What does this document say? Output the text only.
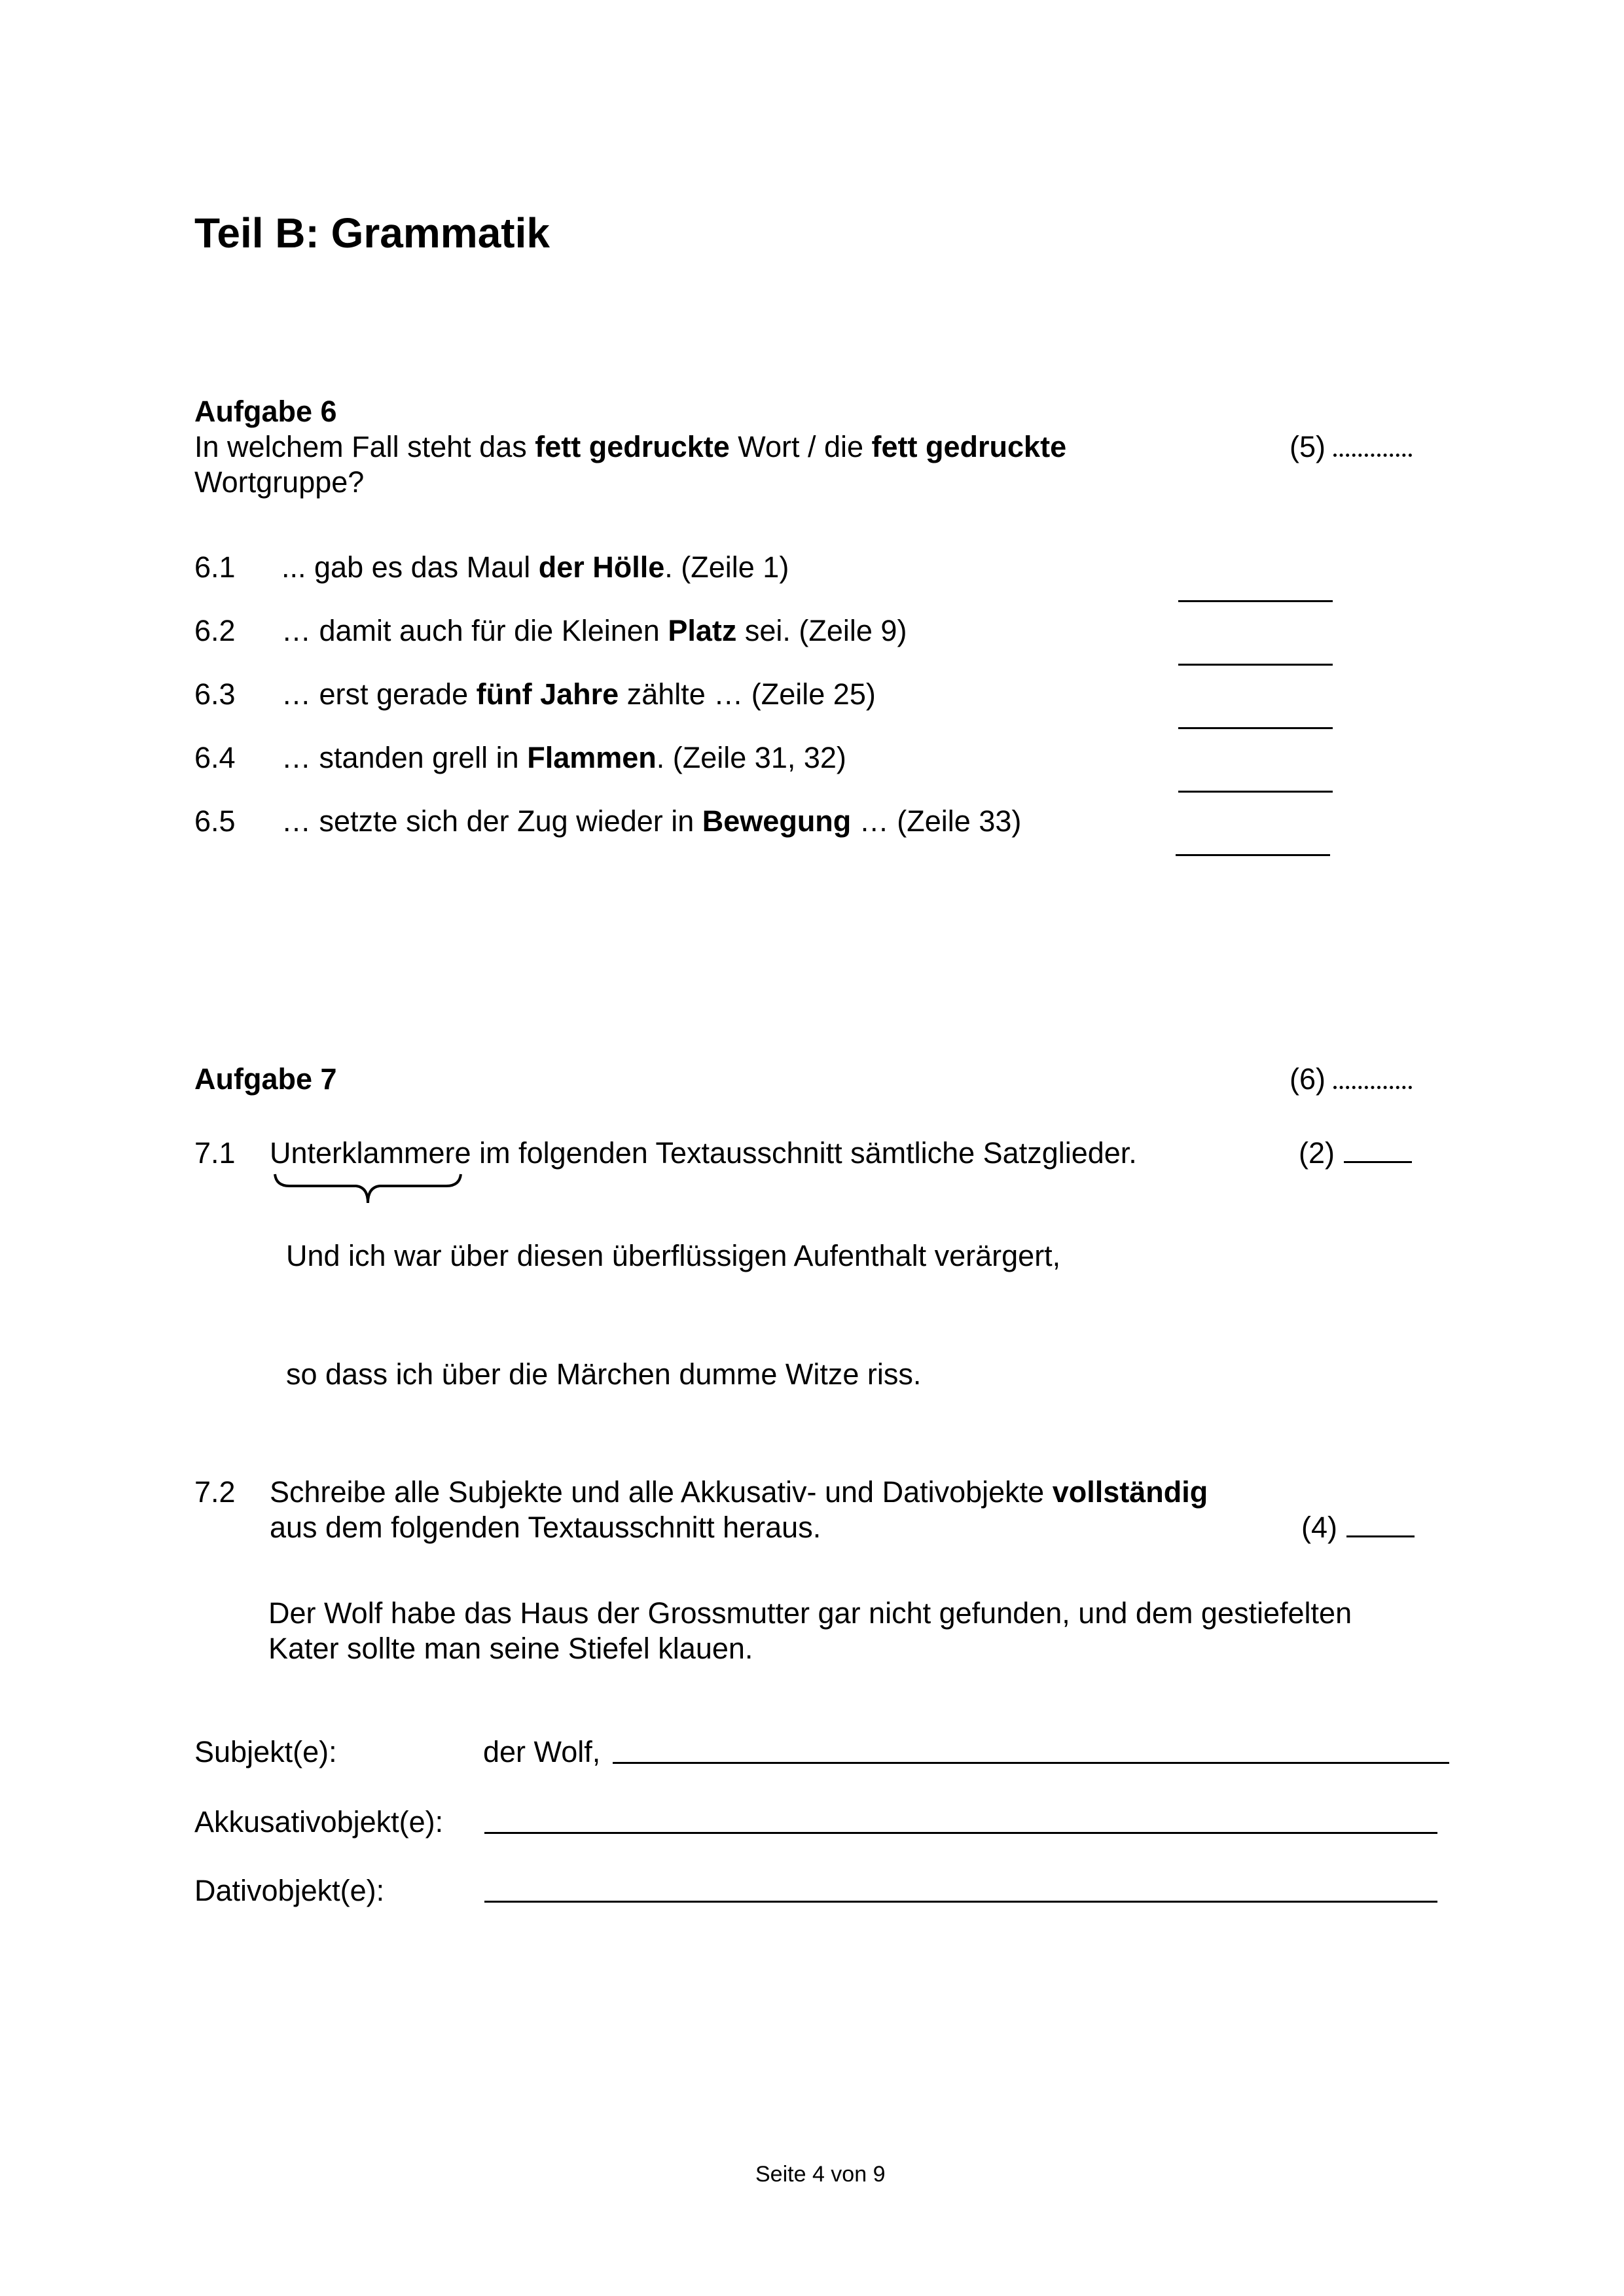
Teil B: Grammatik
Aufgabe 6
In welchem Fall steht das fett gedruckte Wort / die fett gedruckte
Wortgruppe?
(5)
6.1 ... gab es das Maul der Hölle. (Zeile 1)
6.2 … damit auch für die Kleinen Platz sei. (Zeile 9)
6.3 … erst gerade fünf Jahre zählte … (Zeile 25)
6.4 … standen grell in Flammen. (Zeile 31, 32)
6.5 … setzte sich der Zug wieder in Bewegung … (Zeile 33)
Aufgabe 7	(6)
7.1 Unterklammere im folgenden Textausschnitt sämtliche Satzglieder.	(2)
Und ich war über diesen überflüssigen Aufenthalt verärgert,
so dass ich über die Märchen dumme Witze riss.
7.2 Schreibe alle Subjekte und alle Akkusativ- und Dativobjekte vollständig
aus dem folgenden Textausschnitt heraus.	(4)
Der Wolf habe das Haus der Grossmutter gar nicht gefunden, und dem gestiefelten
Kater sollte man seine Stiefel klauen.
Subjekt(e):	der Wolf,
Akkusativobjekt(e):
Dativobjekt(e):
Seite 4 von 9
